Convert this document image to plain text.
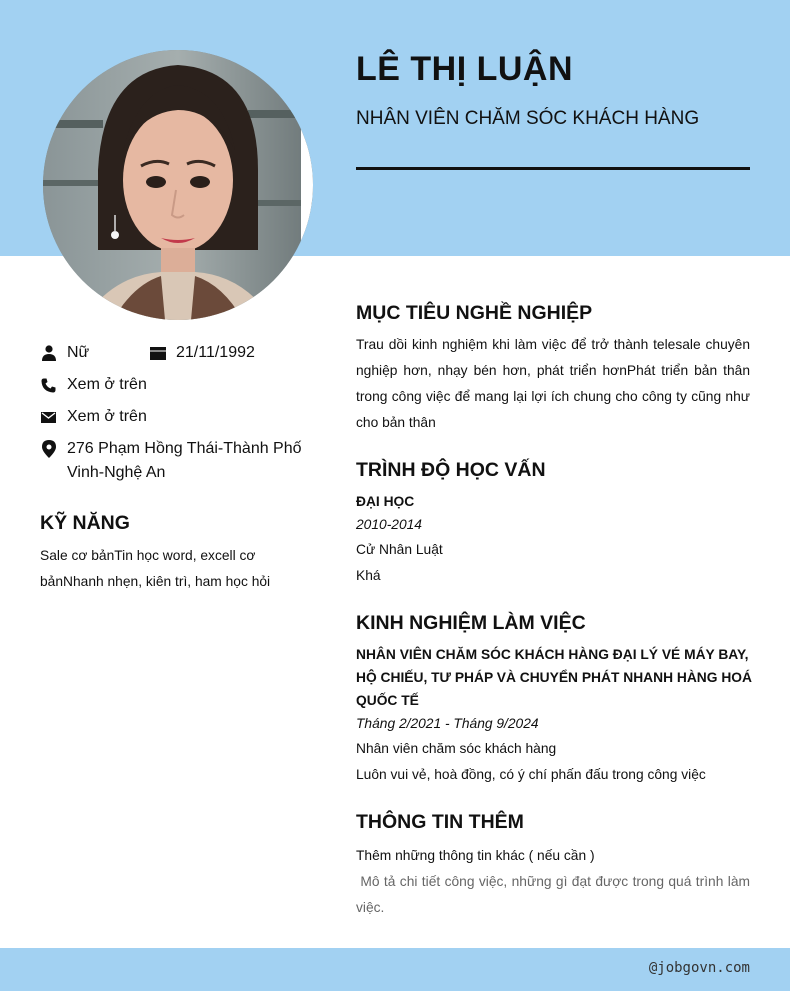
LÊ THỊ LUẬN
NHÂN VIÊN CHĂM SÓC KHÁCH HÀNG
Nữ	21/11/1992
Xem ở trên
Xem ở trên
276 Phạm Hồng Thái-Thành Phố Vinh-Nghệ An
KỸ NĂNG
Sale cơ bảnTin học word, excell cơ bảnNhanh nhẹn, kiên trì, ham học hỏi
MỤC TIÊU NGHỀ NGHIỆP
Trau dồi kinh nghiệm khi làm việc để trở thành telesale chuyên nghiệp hơn, nhạy bén hơn, phát triển hơnPhát triển bản thân trong công việc để mang lại lợi ích chung cho công ty cũng như cho bản thân
TRÌNH ĐỘ HỌC VẤN
ĐẠI HỌC
2010-2014
Cử Nhân Luật
Khá
KINH NGHIỆM LÀM VIỆC
NHÂN VIÊN CHĂM SÓC KHÁCH HÀNG ĐẠI LÝ VÉ MÁY BAY, HỘ CHIẾU, TƯ PHÁP VÀ CHUYỂN PHÁT NHANH HÀNG HOÁ QUỐC TẾ
Tháng 2/2021 - Tháng 9/2024
Nhân viên chăm sóc khách hàng
Luôn vui vẻ, hoà đồng, có ý chí phấn đấu trong công việc
THÔNG TIN THÊM
Thêm những thông tin khác ( nếu cần )
Mô tả chi tiết công việc, những gì đạt được trong quá trình làm việc.
@jobgovn.com
